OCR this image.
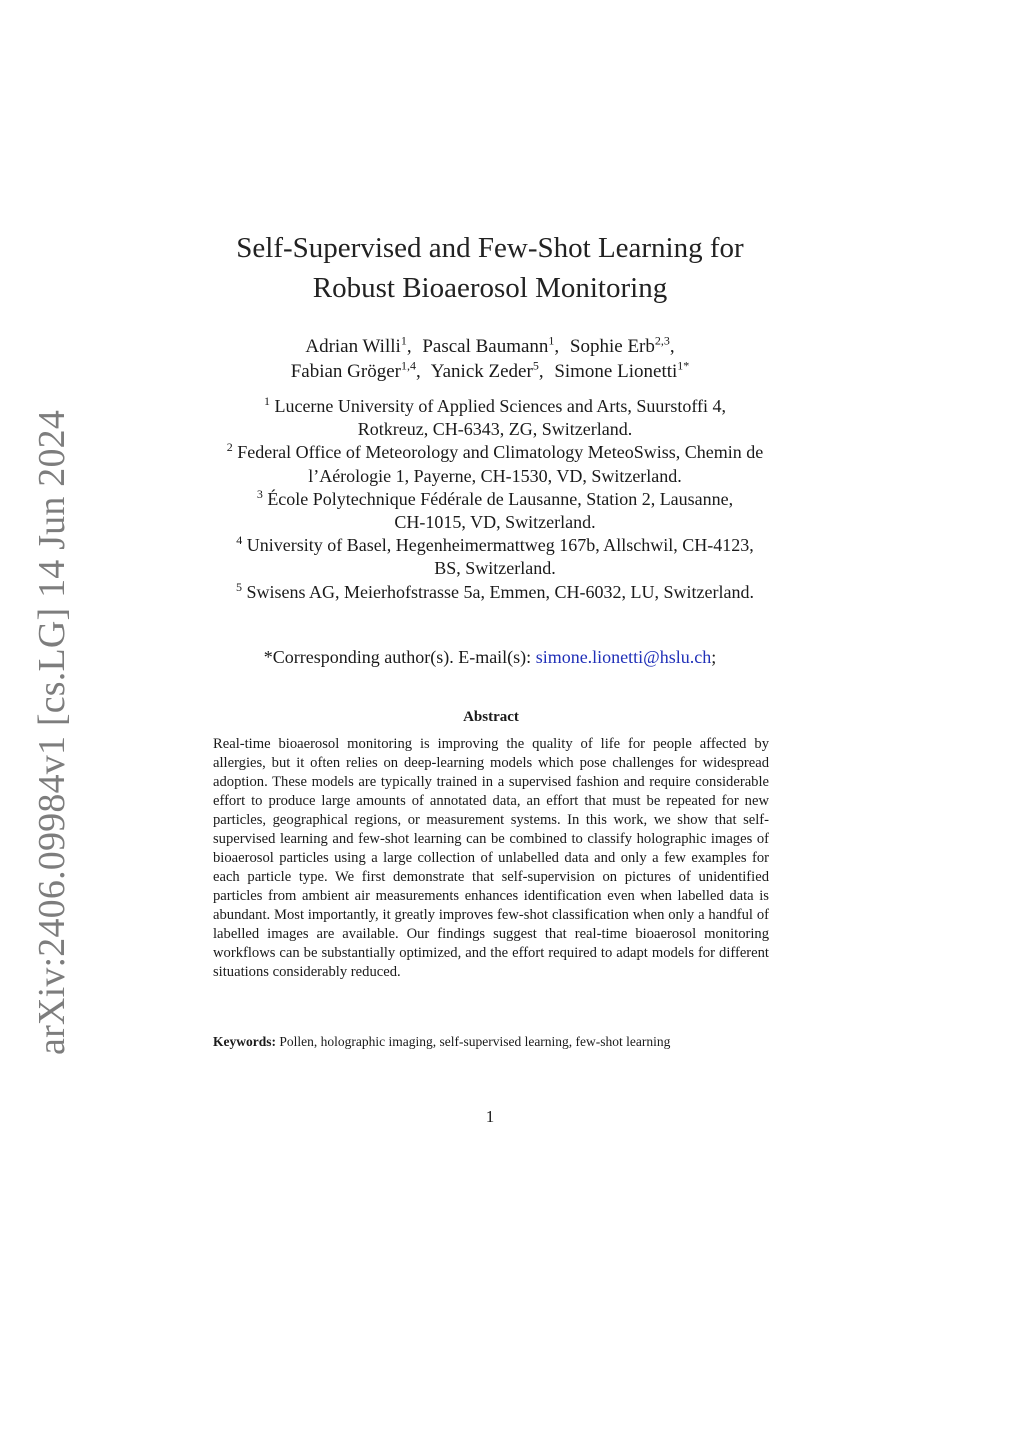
arXiv:2406.09984v1 [cs.LG] 14 Jun 2024
Self-Supervised and Few-Shot Learning for
Robust Bioaerosol Monitoring
Adrian Willi$^1$, Pascal Baumann$^1$, Sophie Erb$^{2,3}$,
Fabian Gröger$^{1,4}$, Yanick Zeder$^5$, Simone Lionetti$^{1*}$

$^1$ Lucerne University of Applied Sciences and Arts, Suurstoffi 4,
Rotkreuz, CH-6343, ZG, Switzerland.

$^2$ Federal Office of Meteorology and Climatology MeteoSwiss, Chemin de
l’Aérologie 1, Payerne, CH-1530, VD, Switzerland.

$^3$ École Polytechnique Fédérale de Lausanne, Station 2, Lausanne,
CH-1015, VD, Switzerland.

$^4$ University of Basel, Hegenheimermattweg 167b, Allschwil, CH-4123,
BS, Switzerland.

$^5$ Swisens AG, Meierhofstrasse 5a, Emmen, CH-6032, LU, Switzerland.

*Corresponding author(s). E-mail(s): simone.lionetti@hslu.ch;
Abstract
Real-time bioaerosol monitoring is improving the quality of life for people affected by allergies, but it often relies on deep-learning models which pose challenges for widespread adoption. These models are typically trained in a supervised fashion and require considerable effort to produce large amounts of annotated data, an effort that must be repeated for new particles, geographical regions, or measurement systems. In this work, we show that self-supervised learning and few-shot learning can be combined to classify holographic images of bioaerosol particles using a large collection of unlabelled data and only a few examples for each particle type. We first demonstrate that self-supervision on pictures of unidentified particles from ambient air measurements enhances identification even when labelled data is abundant. Most importantly, it greatly improves few-shot classification when only a handful of labelled images are available. Our findings suggest that real-time bioaerosol monitoring workflows can be substantially optimized, and the effort required to adapt models for different situations considerably reduced.
Keywords: Pollen, holographic imaging, self-supervised learning, few-shot learning
1
